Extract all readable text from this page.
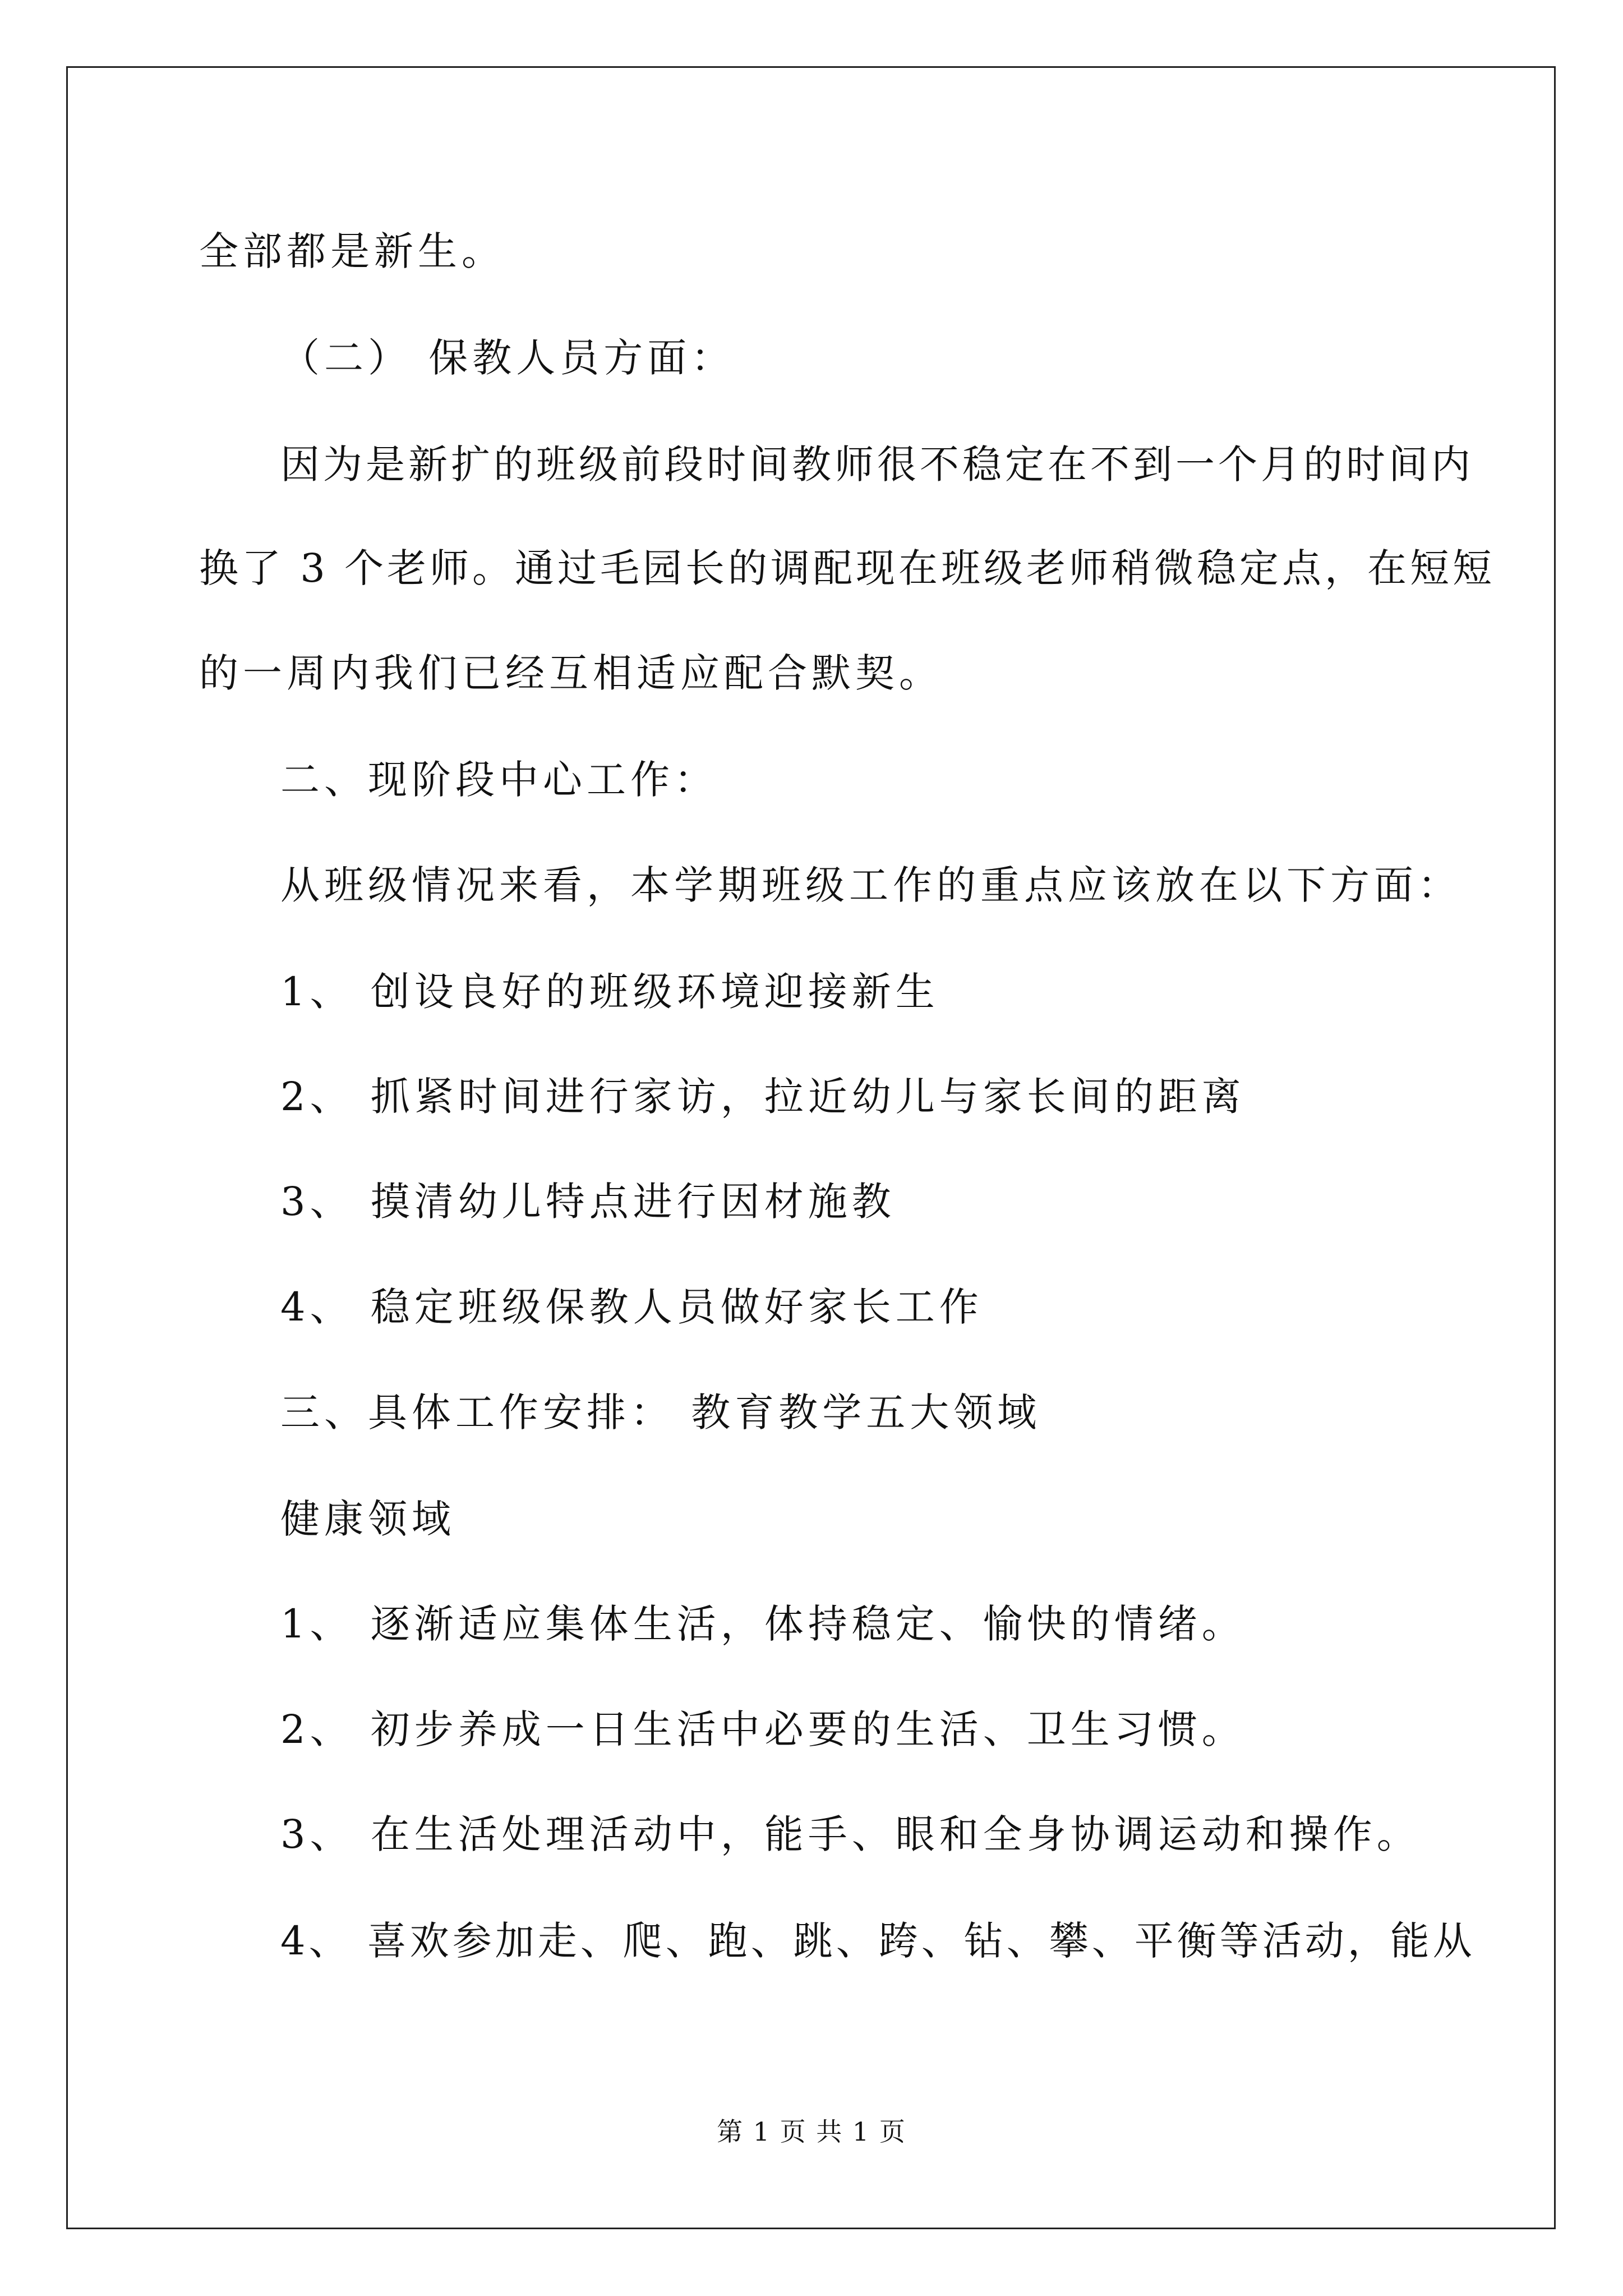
全部都是新生。
（二） 保教人员方面：
因为是新扩的班级前段时间教师很不稳定在不到一个月的时间内
换了 3 个老师。通过毛园长的调配现在班级老师稍微稳定点，在短短
的一周内我们已经互相适应配合默契。
二、现阶段中心工作：
从班级情况来看，本学期班级工作的重点应该放在以下方面：
1、 创设良好的班级环境迎接新生
2、 抓紧时间进行家访，拉近幼儿与家长间的距离
3、 摸清幼儿特点进行因材施教
4、 稳定班级保教人员做好家长工作
三、具体工作安排： 教育教学五大领域
健康领域
1、 逐渐适应集体生活，体持稳定、愉快的情绪。
2、 初步养成一日生活中必要的生活、卫生习惯。
3、 在生活处理活动中，能手、眼和全身协调运动和操作。
4、 喜欢参加走、爬、跑、跳、跨、钻、攀、平衡等活动，能从
第 1 页 共 1 页
